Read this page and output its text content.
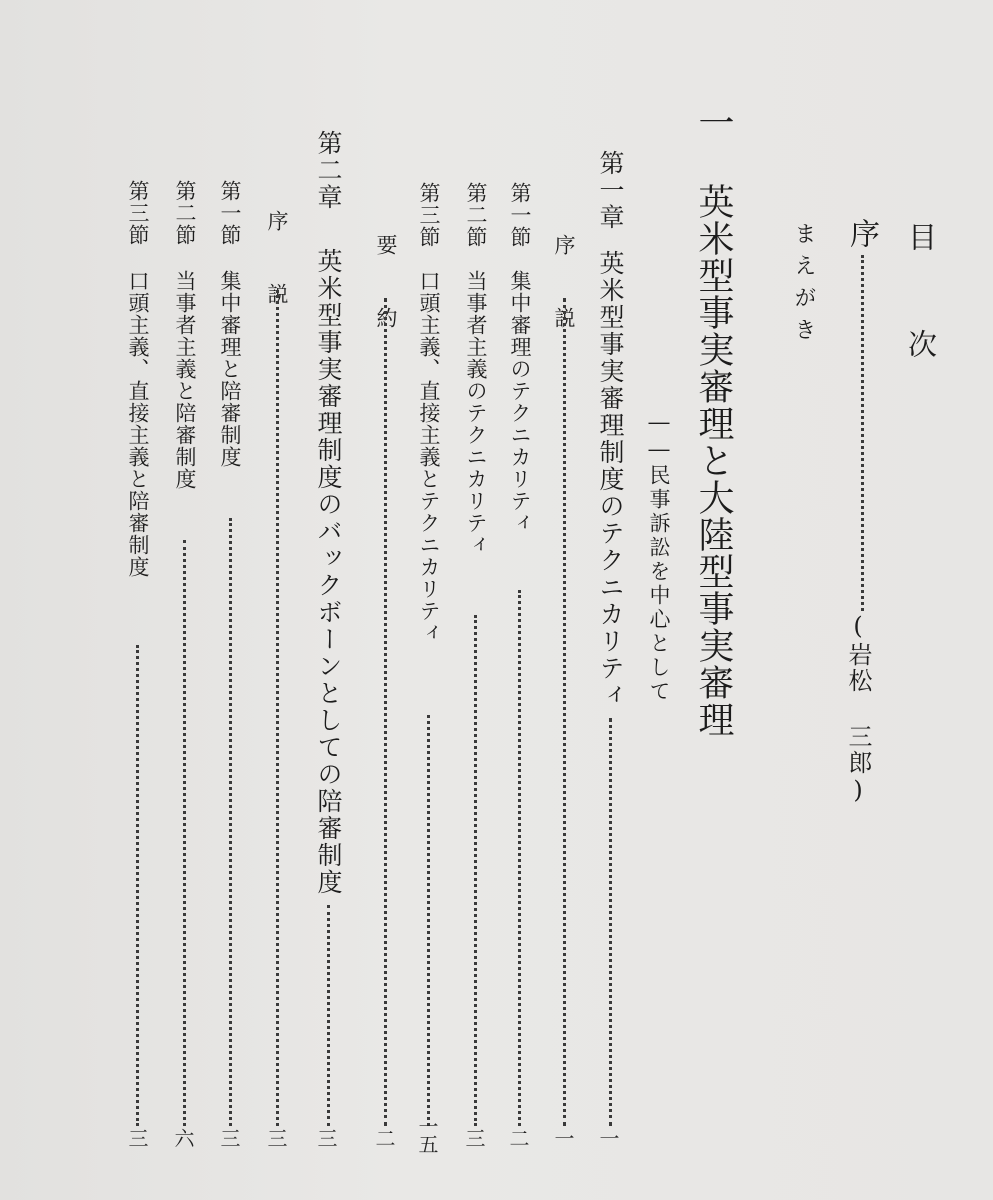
目 次
序
(岩松 三郎)
まえがき
一 英米型事実審理と大陸型事実審理
――民事訴訟を中心として
第一章
英米型事実審理制度のテクニカリティ
序 説
第一節
集中審理のテクニカリティ
第二節
当事者主義のテクニカリティ
第三節
口頭主義、直接主義とテクニカリティ
要 約
第二章
英米型事実審理制度のバックボーンとしての陪審制度
序 説
第一節
集中審理と陪審制度
第二節
当事者主義と陪審制度
第三節
口頭主義、直接主義と陪審制度
一
一
二
三
一五
二
三
三
三
六
三
